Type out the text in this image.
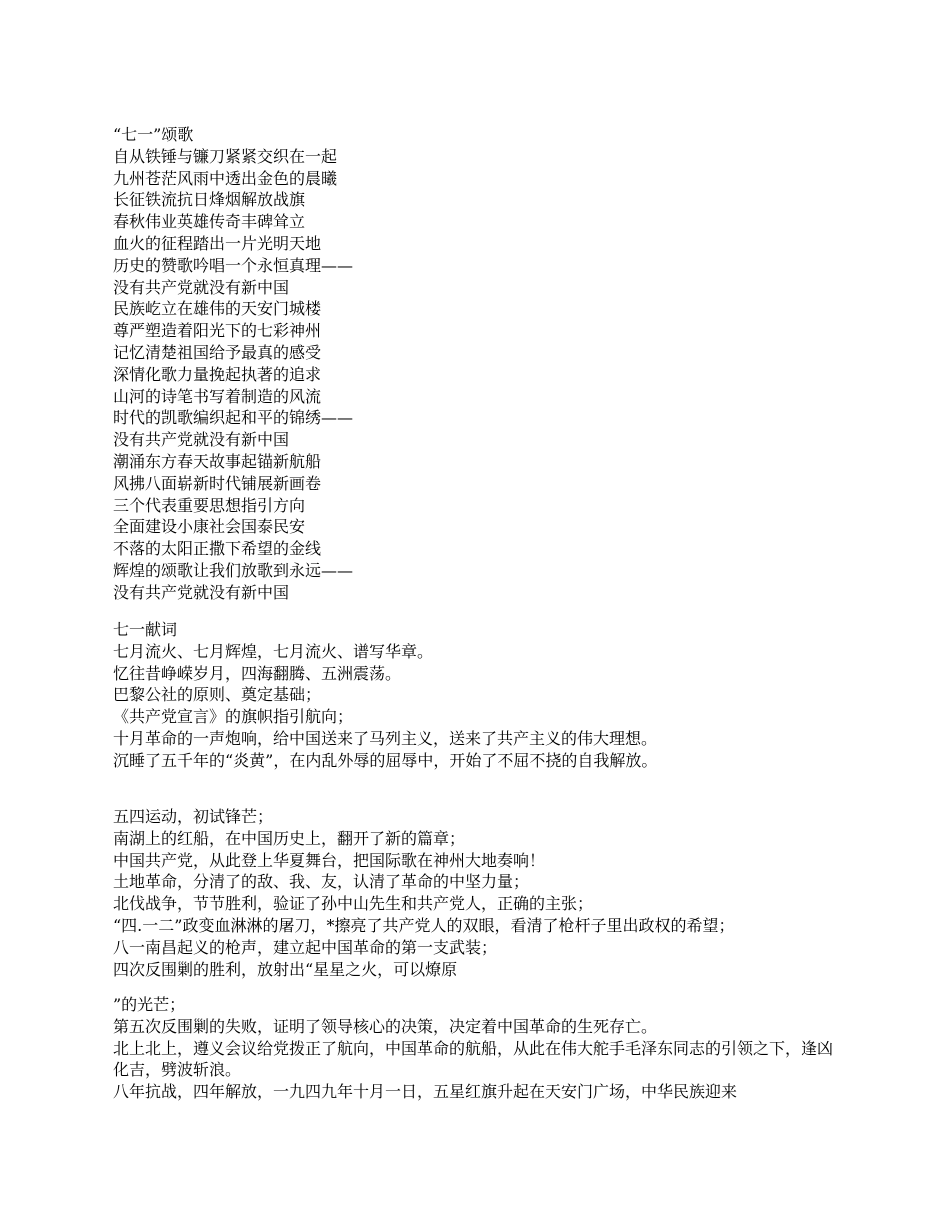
“七一”颂歌
自从铁锤与镰刀紧紧交织在一起
九州苍茫风雨中透出金色的晨曦
长征铁流抗日烽烟解放战旗
春秋伟业英雄传奇丰碑耸立
血火的征程踏出一片光明天地
历史的赞歌吟唱一个永恒真理——
没有共产党就没有新中国
民族屹立在雄伟的天安门城楼
尊严塑造着阳光下的七彩神州
记忆清楚祖国给予最真的感受
深情化歌力量挽起执著的追求
山河的诗笔书写着制造的风流
时代的凯歌编织起和平的锦绣——
没有共产党就没有新中国
潮涌东方春天故事起锚新航船
风拂八面崭新时代铺展新画卷
三个代表重要思想指引方向
全面建设小康社会国泰民安
不落的太阳正撒下希望的金线
辉煌的颂歌让我们放歌到永远——
没有共产党就没有新中国
七一献词
七月流火、七月辉煌，七月流火、谱写华章。
忆往昔峥嵘岁月，四海翻腾、五洲震荡。
巴黎公社的原则、奠定基础；
《共产党宣言》的旗帜指引航向；
十月革命的一声炮响，给中国送来了马列主义，送来了共产主义的伟大理想。
沉睡了五千年的“炎黄”，在内乱外辱的屈辱中，开始了不屈不挠的自我解放。
五四运动，初试锋芒；
南湖上的红船，在中国历史上，翻开了新的篇章；
中国共产党，从此登上华夏舞台，把国际歌在神州大地奏响！
土地革命，分清了的敌、我、友，认清了革命的中坚力量；
北伐战争，节节胜利，验证了孙中山先生和共产党人，正确的主张；
“四.一二”政变血淋淋的屠刀，*擦亮了共产党人的双眼，看清了枪杆子里出政权的希望；
八一南昌起义的枪声，建立起中国革命的第一支武装；
四次反围剿的胜利，放射出“星星之火，可以燎原
”的光芒；
第五次反围剿的失败，证明了领导核心的决策，决定着中国革命的生死存亡。
北上北上，遵义会议给党拨正了航向，中国革命的航船，从此在伟大舵手毛泽东同志的引领之下，逢凶化吉，劈波斩浪。
八年抗战，四年解放，一九四九年十月一日，五星红旗升起在天安门广场，中华民族迎来
